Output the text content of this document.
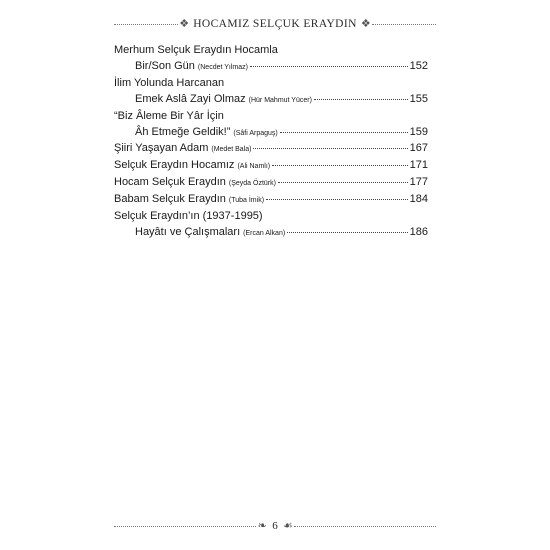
❖ HOCAMIZ SELÇUK ERAYDIN ❖
Merhum Selçuk Eraydın Hocamla
Bir/Son Gün (Necdet Yılmaz)	152
İlim Yolunda Harcanan
Emek Aslâ Zayi Olmaz (Hür Mahmut Yücer)	155
“Biz Âleme Bir Yâr İçin
Âh Etmeğe Geldik!” (Sâfi Arpaguş)	159
Şiiri Yaşayan Adam (Medet Bala)	167
Selçuk Eraydın Hocamız (Ali Namlı)	171
Hocam Selçuk Eraydın (Şeyda Öztürk)	177
Babam Selçuk Eraydın (Tuba İmik)	184
Selçuk Eraydın’ın (1937-1995)
Hayâtı ve Çalışmaları (Ercan Alkan)	186
❧ 6 ☙
